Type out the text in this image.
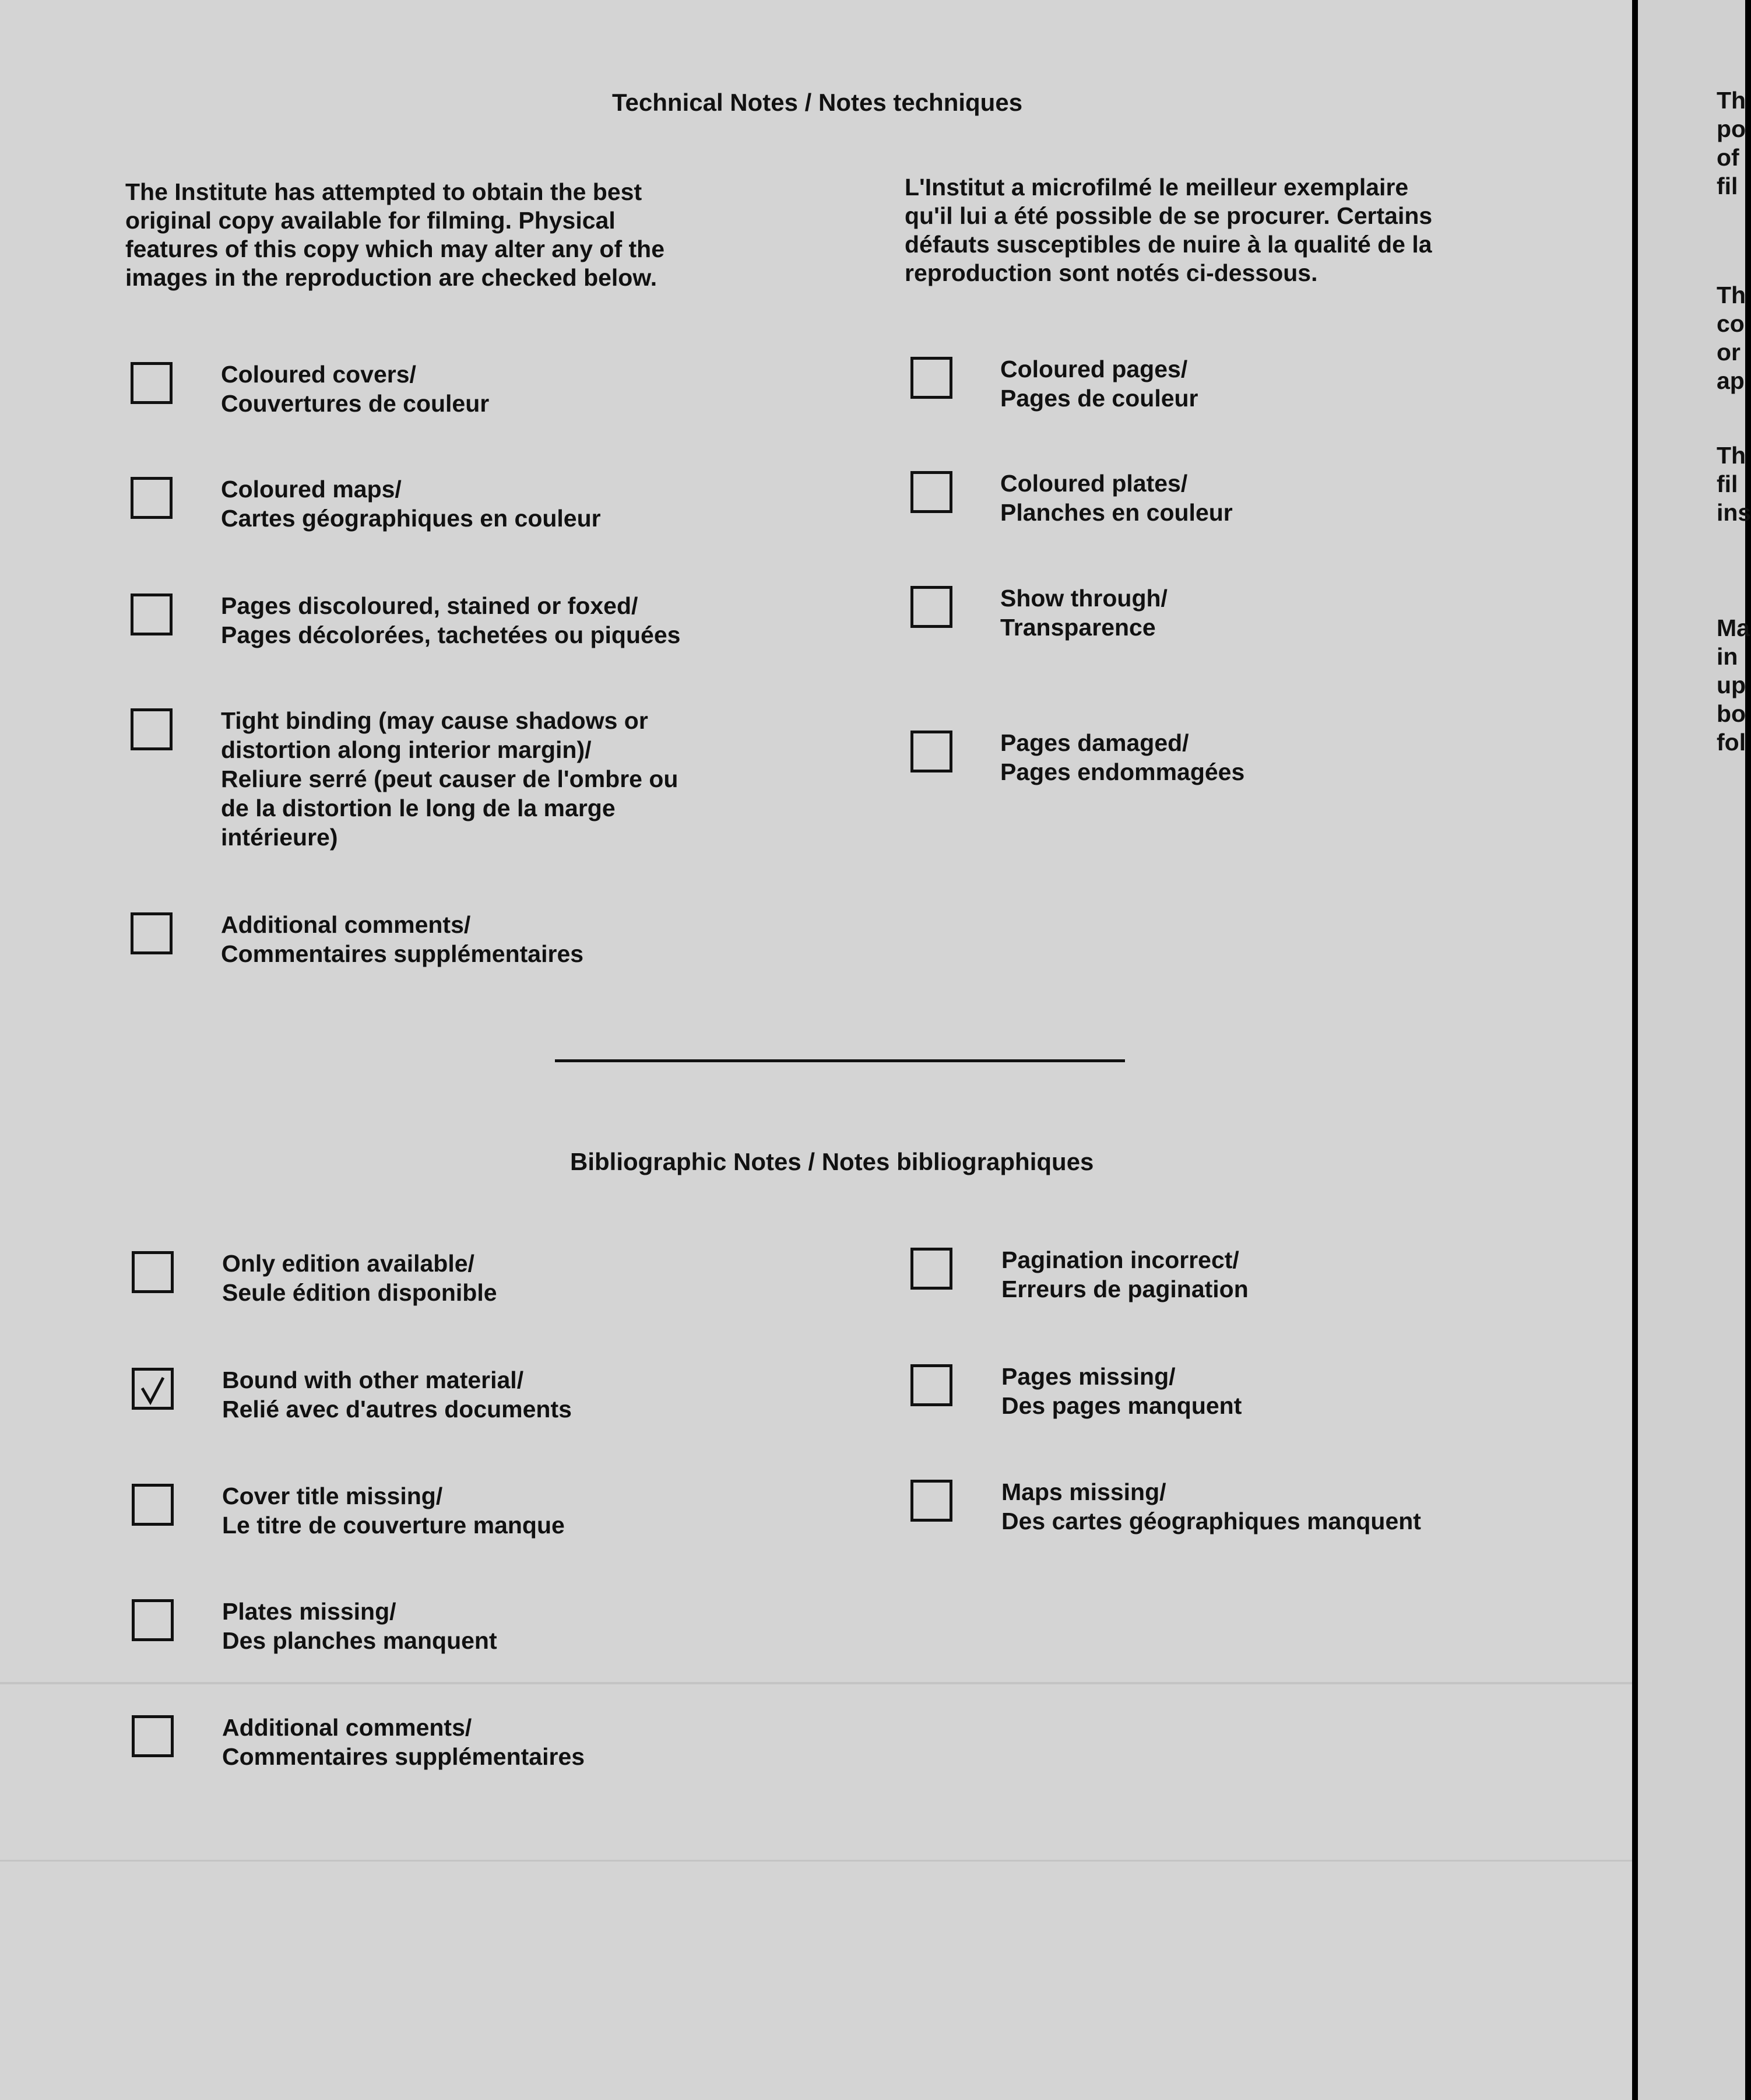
Technical Notes / Notes techniques
The Institute has attempted to obtain the best
original copy available for filming. Physical
features of this copy which may alter any of the
images in the reproduction are checked below.
L'Institut a microfilmé le meilleur exemplaire
qu'il lui a été possible de se procurer. Certains
défauts susceptibles de nuire à la qualité de la
reproduction sont notés ci-dessous.
Coloured covers/
Couvertures de couleur
Coloured maps/
Cartes géographiques en couleur
Pages discoloured, stained or foxed/
Pages décolorées, tachetées ou piquées
Tight binding (may cause shadows or
distortion along interior margin)/
Reliure serré (peut causer de l'ombre ou
de la distortion le long de la marge
intérieure)
Additional comments/
Commentaires supplémentaires
Coloured pages/
Pages de couleur
Coloured plates/
Planches en couleur
Show through/
Transparence
Pages damaged/
Pages endommagées
Bibliographic Notes / Notes bibliographiques
Only edition available/
Seule édition disponible
Bound with other material/
Relié avec d'autres documents
Cover title missing/
Le titre de couverture manque
Plates missing/
Des planches manquent
Additional comments/
Commentaires supplémentaires
Pagination incorrect/
Erreurs de pagination
Pages missing/
Des pages manquent
Maps missing/
Des cartes géographiques manquent
Th
po
of
fil
Th
co
or
ap
Th
fil
ins
Ma
in
up
bo
fol
